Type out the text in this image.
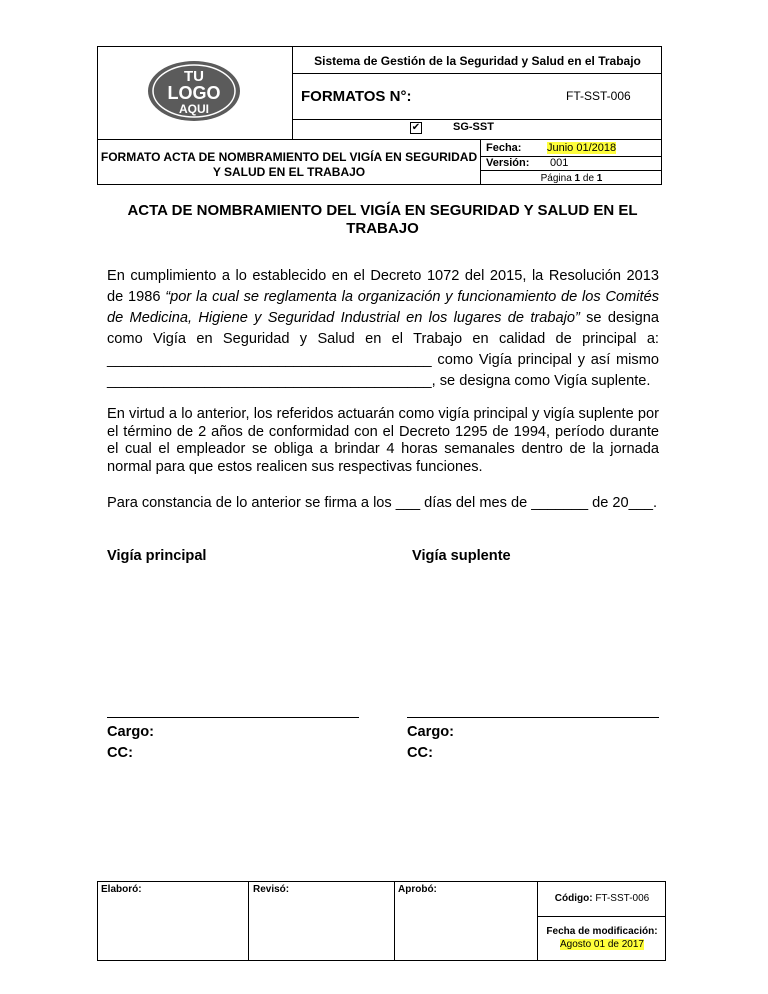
TU
LOGO
AQUI
Sistema de Gestión de la Seguridad y Salud en el Trabajo
FORMATOS N°:	FT-SST-006
✔	SG-SST
FORMATO ACTA DE NOMBRAMIENTO DEL VIGÍA EN SEGURIDAD Y SALUD EN EL TRABAJO
Fecha: Junio 01/2018
Versión: 001
Página 1 de 1
ACTA DE NOMBRAMIENTO DEL VIGÍA EN SEGURIDAD Y SALUD EN EL TRABAJO
En cumplimiento a lo establecido en el Decreto 1072 del 2015, la Resolución 2013 de 1986 “por la cual se reglamenta la organización y funcionamiento de los Comités de Medicina, Higiene y Seguridad Industrial en los lugares de trabajo” se designa como Vigía en Seguridad y Salud en el Trabajo en calidad de principal a: ________________________________________ como Vigía principal y así mismo ________________________________________, se designa como Vigía suplente.
En virtud a lo anterior, los referidos actuarán como vigía principal y vigía suplente por el término de 2 años de conformidad con el Decreto 1295 de 1994, período durante el cual el empleador se obliga a brindar 4 horas semanales dentro de la jornada normal para que estos realicen sus respectivas funciones.
Para constancia de lo anterior se firma a los ___ días del mes de _______ de 20___.
Vigía principal	Vigía suplente
Cargo:
CC:
Cargo:
CC:
Elaboró:	Revisó:	Aprobó:
Código: FT-SST-006
Fecha de modificación:
Agosto 01 de 2017
